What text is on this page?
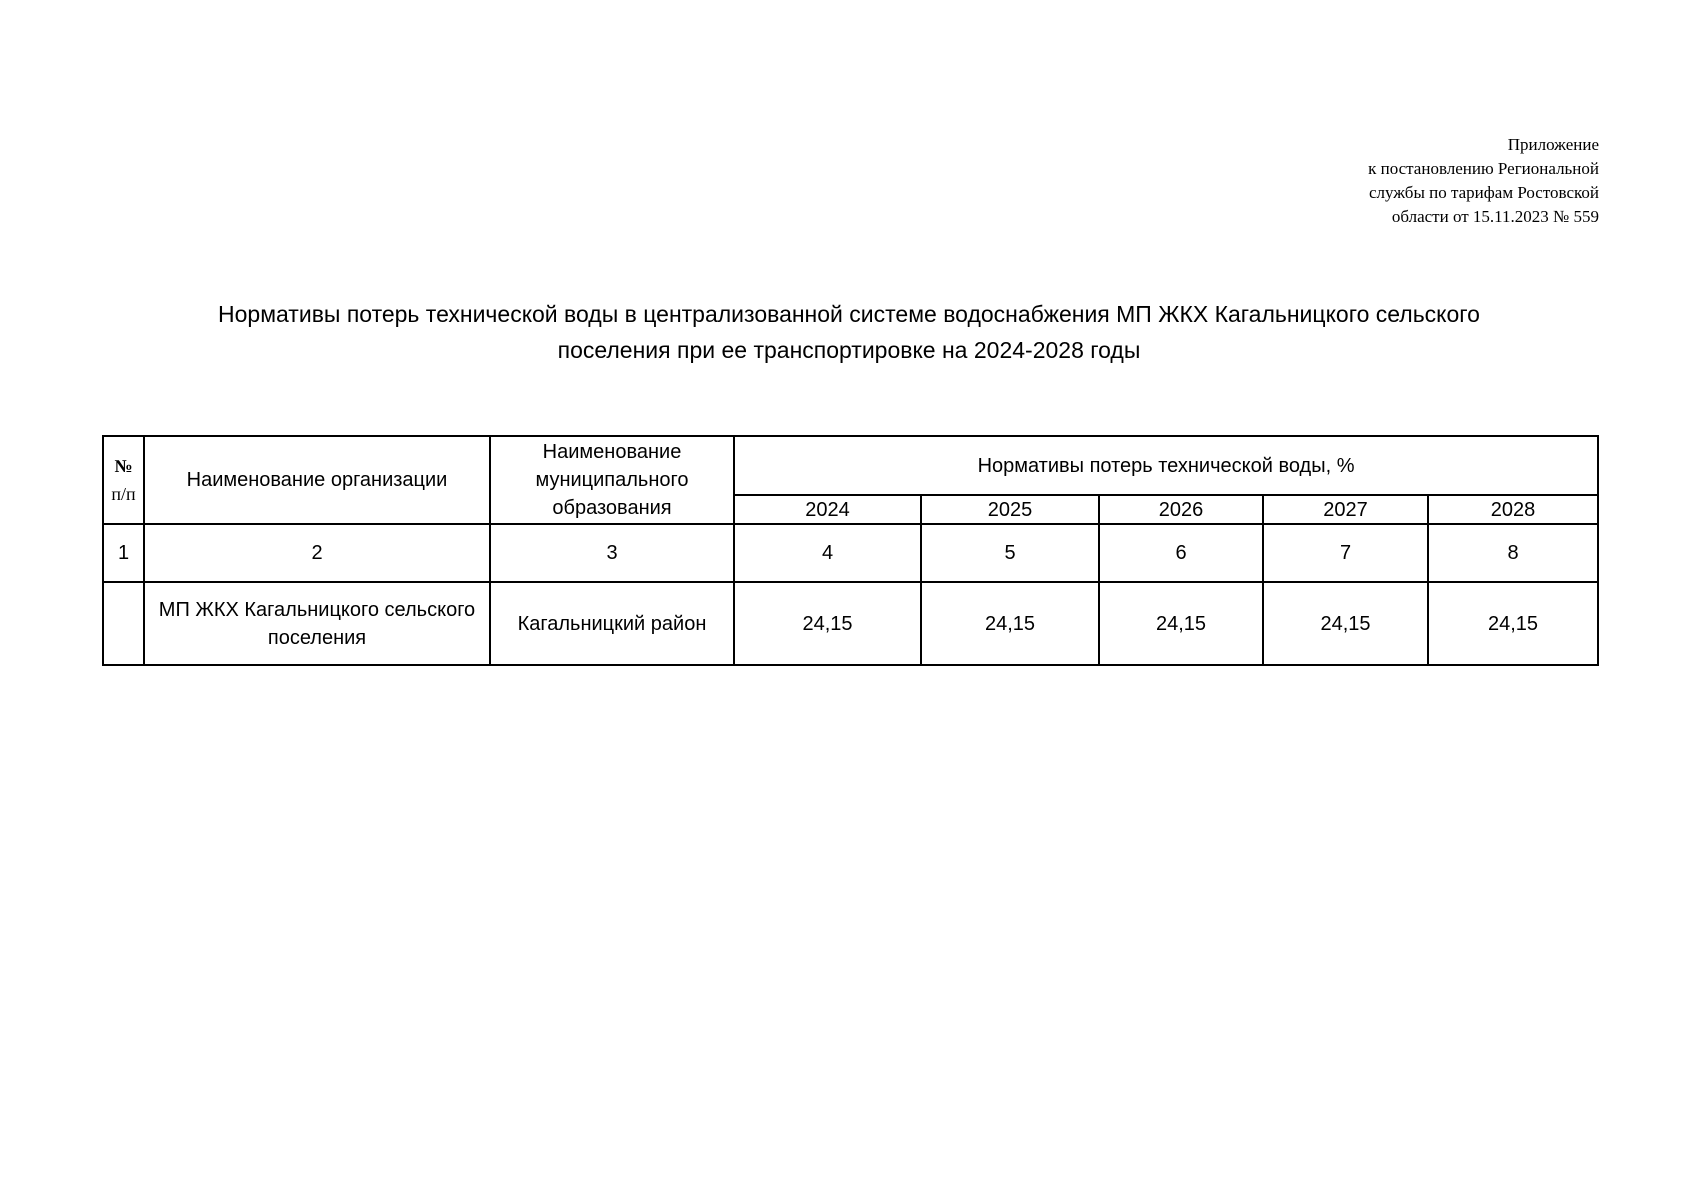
Приложение
к постановлению Региональной
службы по тарифам Ростовской
области от 15.11.2023 № 559
Нормативы потерь технической воды в централизованной системе водоснабжения МП ЖКХ Кагальницкого сельского
поселения при ее транспортировке на 2024-2028 годы
№
п/п	Наименование организации	Наименование муниципального образования	Нормативы потерь технической воды, %				
			2024	2025	2026	2027	2028
1	2	3	4	5	6	7	8
	МП ЖКХ Кагальницкого сельского поселения	Кагальницкий район	24,15	24,15	24,15	24,15	24,15
